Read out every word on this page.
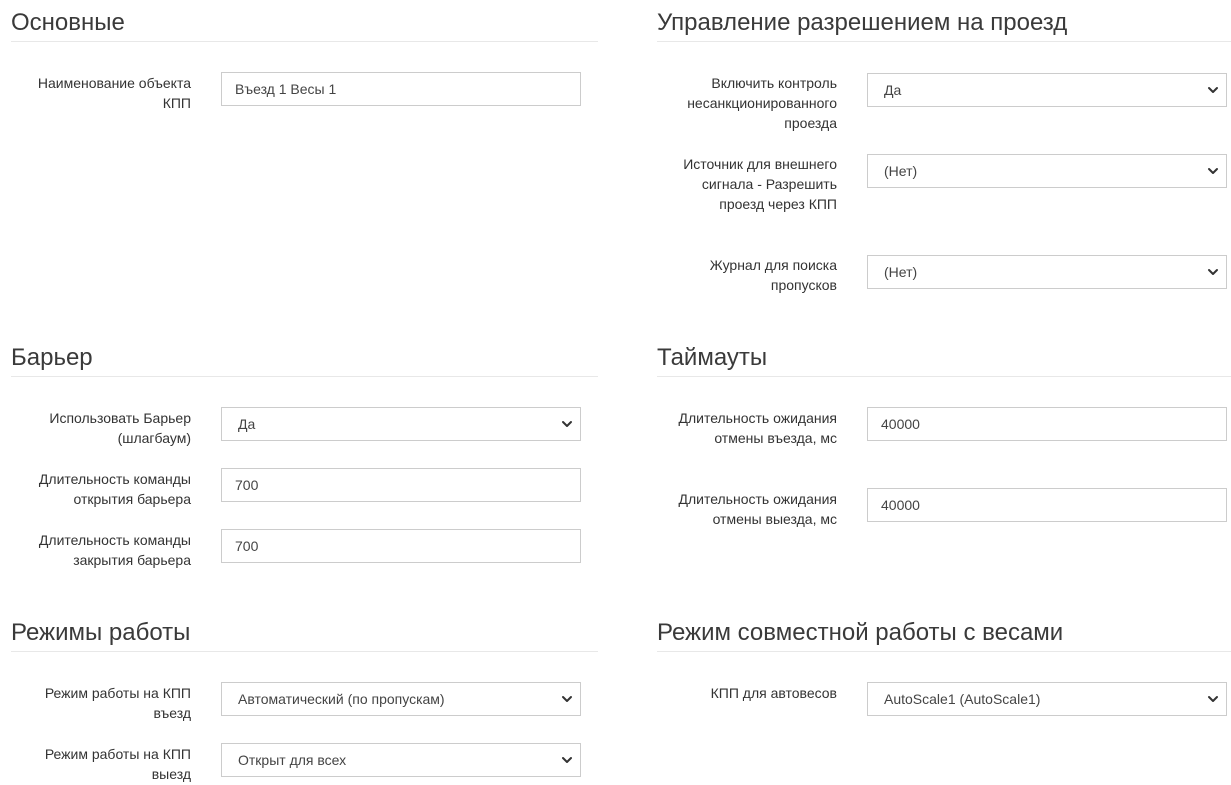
Основные
Наименование объекта КПП
Въезд 1 Весы 1
Барьер
Использовать Барьер (шлагбаум)
Да
Длительность команды открытия барьера
700
Длительность команды закрытия барьера
700
Режимы работы
Режим работы на КПП въезд
Автоматический (по пропускам)
Режим работы на КПП выезд
Открыт для всех
Управление разрешением на проезд
Включить контроль несанкционированного проезда
Да
Источник для внешнего сигнала - Разрешить проезд через КПП
(Нет)
Журнал для поиска пропусков
(Нет)
Таймауты
Длительность ожидания отмены въезда, мс
40000
Длительность ожидания отмены выезда, мс
40000
Режим совместной работы с весами
КПП для автовесов	AutoScale1 (AutoScale1)
